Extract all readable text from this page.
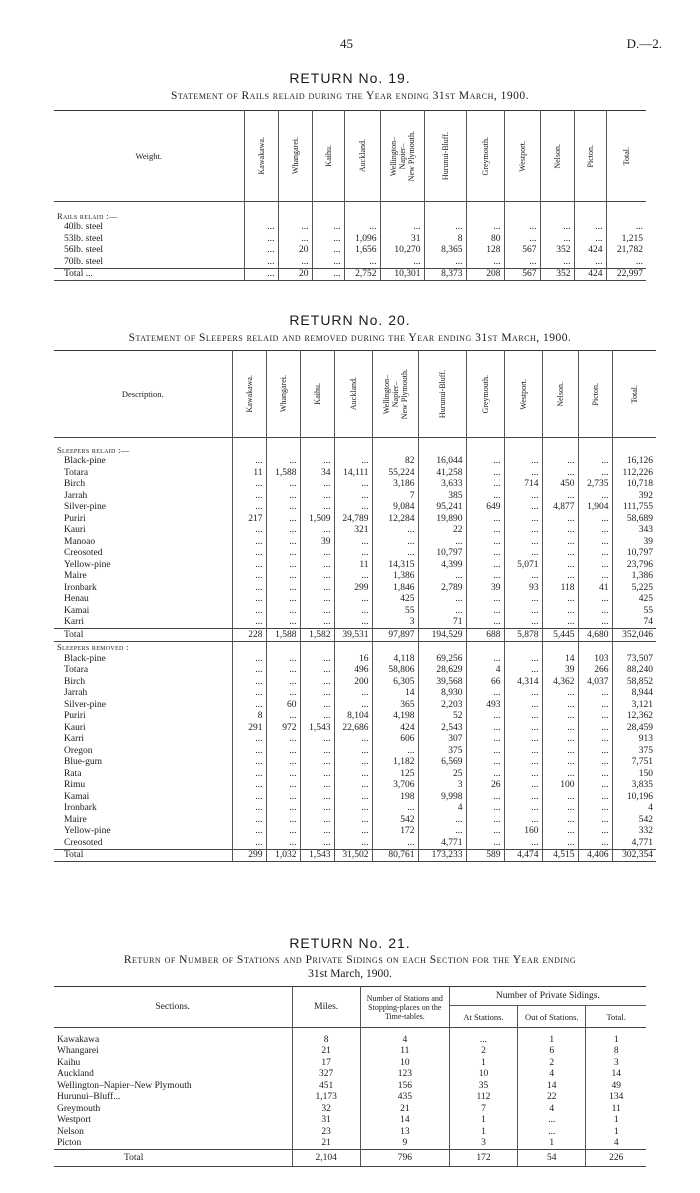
45	D.—2.
RETURN No. 19.
Statement of Rails relaid during the Year ending 31st March, 1900.
Weight.	Kawakawa.	Whangarei.	Kaihu.	Auckland.	Wellington–
Napier–
New Plymouth.	Hurunui-Bluff.	Greymouth.	Westport.	Nelson.	Picton.	Total.

Rails relaid :—											
40lb. steel	...	...	...	...	...	...	...	...	...	...	...
53lb. steel	...	...	...	1,096	31	8	80	...	...	...	1,215
56lb. steel	...	20	...	1,656	10,270	8,365	128	567	352	424	21,782
70lb. steel	...	...	...	...	...	...	...	...	...	...	...
Total ...	...	20	...	2,752	10,301	8,373	208	567	352	424	22,997
RETURN No. 20.
Statement of Sleepers relaid and removed during the Year ending 31st March, 1900.
Description.	Kawakawa.	Whangarei.	Kaihu.	Auckland.	Wellington–
Napier–
New Plymouth.	Hurunui-Bluff.	Greymouth.	Westport.	Nelson.	Picton.	Total.

Sleepers relaid :—											
Black-pine	...	...	...	...	82	16,044	...	...	...	...	16,126
Totara	11	1,588	34	14,111	55,224	41,258	...	...	...	...	112,226
Birch	...	...	...	...	3,186	3,633	...	714	450	2,735	10,718
Jarrah	...	...	...	...	7	385	...	...	...	...	392
Silver-pine	...	...	...	...	9,084	95,241	649	...	4,877	1,904	111,755
Puriri	217	...	1,509	24,789	12,284	19,890	...	...	...	...	58,689
Kauri	...	...	...	321	...	22	...	...	...	...	343
Manoao	...	...	39	...	...	...	...	...	...	...	39
Creosoted	...	...	...	...	...	10,797	...	...	...	...	10,797
Yellow-pine	...	...	...	11	14,315	4,399	...	5,071	...	...	23,796
Maire	...	...	...	...	1,386	...	...	...	...	...	1,386
Ironbark	...	...	...	299	1,846	2,789	39	93	118	41	5,225
Henau	...	...	...	...	425	...	...	...	...	...	425
Kamai	...	...	...	...	55	...	...	...	...	...	55
Karri	...	...	...	...	3	71	...	...	...	...	74
Total	228	1,588	1,582	39,531	97,897	194,529	688	5,878	5,445	4,680	352,046
Sleepers removed :											
Black-pine	...	...	...	16	4,118	69,256	...	...	14	103	73,507
Totara	...	...	...	496	58,806	28,629	4	...	39	266	88,240
Birch	...	...	...	200	6,305	39,568	66	4,314	4,362	4,037	58,852
Jarrah	...	...	...	...	14	8,930	...	...	...	...	8,944
Silver-pine	...	60	...	...	365	2,203	493	...	...	...	3,121
Puriri	8	...	...	8,104	4,198	52	...	...	...	...	12,362
Kauri	291	972	1,543	22,686	424	2,543	...	...	...	...	28,459
Karri	...	...	...	...	606	307	...	...	...	...	913
Oregon	...	...	...	...	...	375	...	...	...	...	375
Blue-gum	...	...	...	...	1,182	6,569	...	...	...	...	7,751
Rata	...	...	...	...	125	25	...	...	...	...	150
Rimu	...	...	...	...	3,706	3	26	...	100	...	3,835
Kamai	...	...	...	...	198	9,998	...	...	...	...	10,196
Ironbark	...	...	...	...	...	4	...	...	...	...	4
Maire	...	...	...	...	542	...	...	...	...	...	542
Yellow-pine	...	...	...	...	172	...	...	160	...	...	332
Creosoted	...	...	...	...	...	4,771	...	...	...	...	4,771
Total	299	1,032	1,543	31,502	80,761	173,233	589	4,474	4,515	4,406	302,354
RETURN No. 21.
Return of Number of Stations and Private Sidings on each Section for the Year ending
31st March, 1900.
Sections.	Miles.	Number of Stations and Stopping-places on the Time-tables.	Number of Private Sidings.		
			At Stations.	Out of Stations.	Total.

Kawakawa	8	4	...	1	1
Whangarei	21	11	2	6	8
Kaihu	17	10	1	2	3
Auckland	327	123	10	4	14
Wellington–Napier–New Plymouth	451	156	35	14	49
Hurunui–Bluff...	1,173	435	112	22	134
Greymouth	32	21	7	4	11
Westport	31	14	1	...	1
Nelson	23	13	1	...	1
Picton	21	9	3	1	4
Total	2,104	796	172	54	226
